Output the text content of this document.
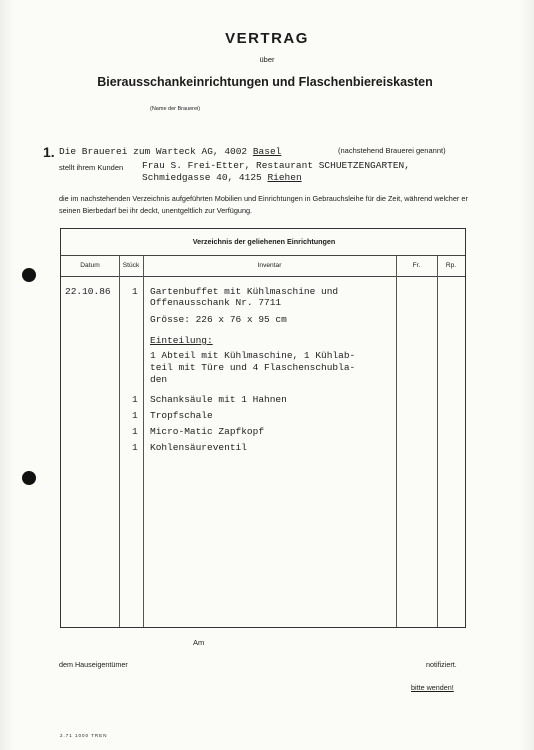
VERTRAG
über
Bierausschankeinrichtungen und Flaschenbiereiskasten
(Name der Brauerei)
1. Die Brauerei zum Warteck AG, 4002 Basel	(nachstehend Brauerei genannt)
stellt ihrem Kunden Frau S. Frei-Etter, Restaurant SCHUETZENGARTEN,
Schmiedgasse 40, 4125 Riehen
die im nachstehenden Verzeichnis aufgeführten Mobilien und Einrichtungen in Gebrauchsleihe für die Zeit, während welcher er seinen Bierbedarf bei ihr deckt, unentgeltlich zur Verfügung.
Verzeichnis der geliehenen Einrichtungen
Datum	Stück	Inventar	Fr.	Rp.
22.10.86 1 Gartenbuffet mit Kühlmaschine und
Offenausschank Nr. 7711
Grösse: 226 x 76 x 95 cm
Einteilung:
1 Abteil mit Kühlmaschine, 1 Kühlab-
teil mit Türe und 4 Flaschenschubla-
den
1 Schanksäule mit 1 Hahnen
1 Tropfschale
1 Micro-Matic Zapfkopf
1 Kohlensäureventil
Am
dem Hauseigentümer	notifiziert.
bitte wenden!
2.71 1000 TREN
